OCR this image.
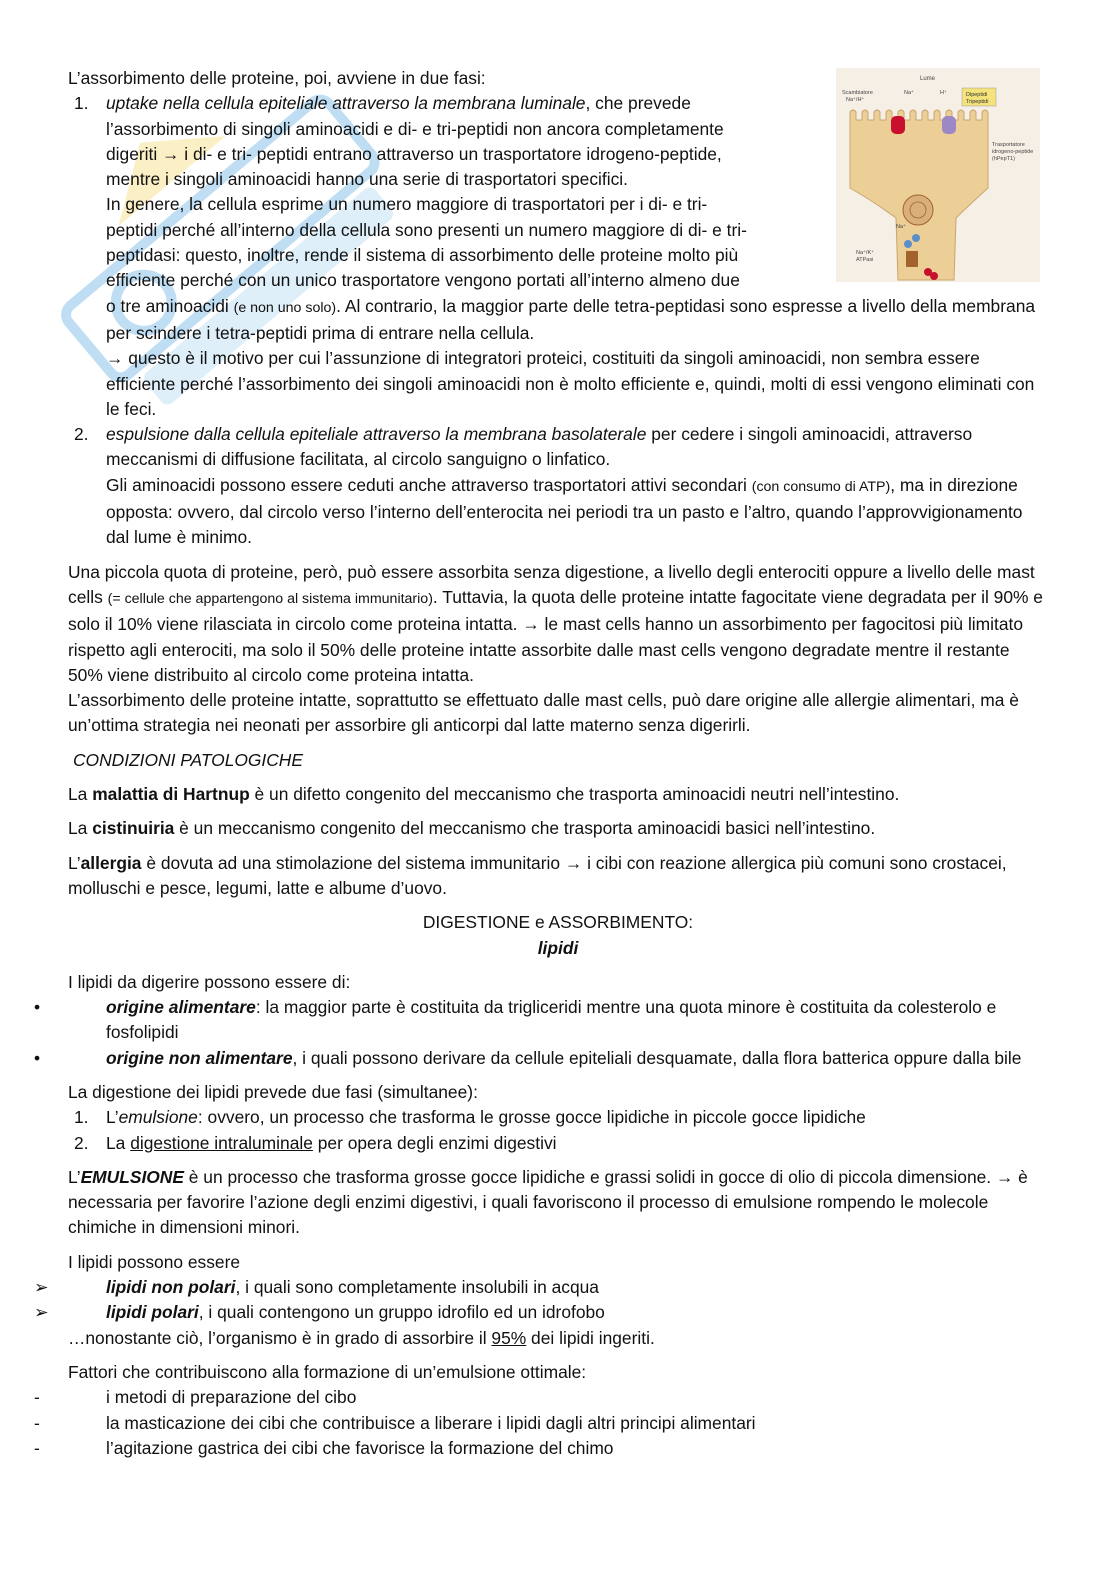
Lume
Scambiatore
Na⁺/H⁺
Dipeptidi
Tripeptidi
Na⁺	H⁺
Trasportatore
idrogeno-peptide
(hPepT1)
Na⁺
Na⁺/K⁺
ATPasi

L’assorbimento delle proteine, poi, avviene in due fasi:

1. uptake nella cellula epiteliale attraverso la membrana luminale, che prevede

l’assorbimento di singoli aminoacidi e di- e tri-peptidi non ancora completamente

digeriti → i di- e tri- peptidi entrano attraverso un trasportatore idrogeno-peptide,

mentre i singoli aminoacidi hanno una serie di trasportatori specifici.

In genere, la cellula esprime un numero maggiore di trasportatori per i di- e tri-

peptidi perché all’interno della cellula sono presenti un numero maggiore di di- e tri-

peptidasi: questo, inoltre, rende il sistema di assorbimento delle proteine molto più

efficiente perché con un unico trasportatore vengono portati all’interno almeno due

o tre aminoacidi (e non uno solo). Al contrario, la maggior parte delle tetra-peptidasi sono espresse a livello della membrana per scindere i tetra-peptidi prima di entrare nella cellula.

→ questo è il motivo per cui l’assunzione di integratori proteici, costituiti da singoli aminoacidi, non sembra essere efficiente perché l’assorbimento dei singoli aminoacidi non è molto efficiente e, quindi, molti di essi vengono eliminati con le feci.

2. espulsione dalla cellula epiteliale attraverso la membrana basolaterale per cedere i singoli aminoacidi, attraverso meccanismi di diffusione facilitata, al circolo sanguigno o linfatico.

Gli aminoacidi possono essere ceduti anche attraverso trasportatori attivi secondari (con consumo di ATP), ma in direzione opposta: ovvero, dal circolo verso l’interno dell’enterocita nei periodi tra un pasto e l’altro, quando l’approvvigionamento dal lume è minimo.

Una piccola quota di proteine, però, può essere assorbita senza digestione, a livello degli enterociti oppure a livello delle mast cells (= cellule che appartengono al sistema immunitario). Tuttavia, la quota delle proteine intatte fagocitate viene degradata per il 90% e solo il 10% viene rilasciata in circolo come proteina intatta. → le mast cells hanno un assorbimento per fagocitosi più limitato rispetto agli enterociti, ma solo il 50% delle proteine intatte assorbite dalle mast cells vengono degradate mentre il restante 50% viene distribuito al circolo come proteina intatta.

L’assorbimento delle proteine intatte, soprattutto se effettuato dalle mast cells, può dare origine alle allergie alimentari, ma è un’ottima strategia nei neonati per assorbire gli anticorpi dal latte materno senza digerirli.

CONDIZIONI PATOLOGICHE

La malattia di Hartnup è un difetto congenito del meccanismo che trasporta aminoacidi neutri nell’intestino.

La cistinuiria è un meccanismo congenito del meccanismo che trasporta aminoacidi basici nell’intestino.

L’allergia è dovuta ad una stimolazione del sistema immunitario → i cibi con reazione allergica più comuni sono crostacei, molluschi e pesce, legumi, latte e albume d’uovo.

DIGESTIONE e ASSORBIMENTO:

lipidi

I lipidi da digerire possono essere di:

•	origine alimentare: la maggior parte è costituita da trigliceridi mentre una quota minore è costituita da colesterolo e fosfolipidi

•	origine non alimentare, i quali possono derivare da cellule epiteliali desquamate, dalla flora batterica oppure dalla bile

La digestione dei lipidi prevede due fasi (simultanee):

1. L’emulsione: ovvero, un processo che trasforma le grosse gocce lipidiche in piccole gocce lipidiche

2. La digestione intraluminale per opera degli enzimi digestivi

L’EMULSIONE è un processo che trasforma grosse gocce lipidiche e grassi solidi in gocce di olio di piccola dimensione. → è necessaria per favorire l’azione degli enzimi digestivi, i quali favoriscono il processo di emulsione rompendo le molecole chimiche in dimensioni minori.

I lipidi possono essere

➢	lipidi non polari, i quali sono completamente insolubili in acqua

➢	lipidi polari, i quali contengono un gruppo idrofilo ed un idrofobo

…nonostante ciò, l’organismo è in grado di assorbire il 95% dei lipidi ingeriti.

Fattori che contribuiscono alla formazione di un’emulsione ottimale:

-	i metodi di preparazione del cibo

-	la masticazione dei cibi che contribuisce a liberare i lipidi dagli altri principi alimentari

-	l’agitazione gastrica dei cibi che favorisce la formazione del chimo
